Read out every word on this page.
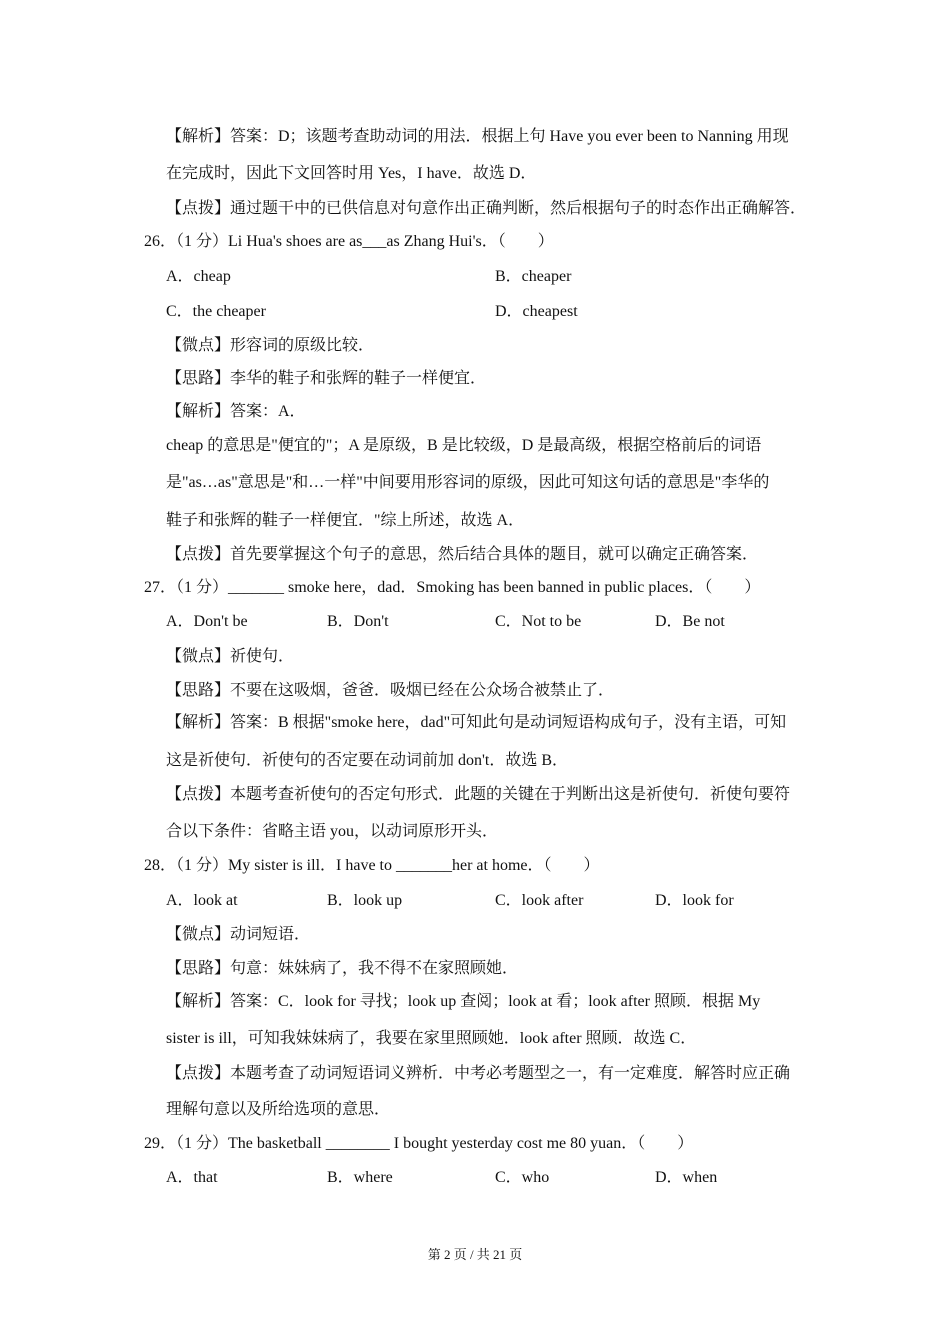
【解析】答案：D；该题考查助动词的用法．根据上句 Have you ever been to Nanning 用现
在完成时，因此下文回答时用 Yes，I have．故选 D．
【点拨】通过题干中的已供信息对句意作出正确判断，然后根据句子的时态作出正确解答．
26．（1 分）Li Hua's shoes are as___as Zhang Hui's．（　　）
A．cheap	B．cheaper
C．the cheaper	D．cheapest
【微点】形容词的原级比较．
【思路】李华的鞋子和张辉的鞋子一样便宜．
【解析】答案：A．
cheap 的意思是"便宜的"；A 是原级，B 是比较级，D 是最高级，根据空格前后的词语
是"as…as"意思是"和…一样"中间要用形容词的原级，因此可知这句话的意思是"李华的
鞋子和张辉的鞋子一样便宜．"综上所述，故选 A．
【点拨】首先要掌握这个句子的意思，然后结合具体的题目，就可以确定正确答案．
27．（1 分）_______ smoke here，dad．Smoking has been banned in public places．（　　）
A．Don't be	B．Don't	C．Not to be	D．Be not
【微点】祈使句．
【思路】不要在这吸烟，爸爸．吸烟已经在公众场合被禁止了．
【解析】答案：B 根据"smoke here，dad"可知此句是动词短语构成句子，没有主语，可知
这是祈使句．祈使句的否定要在动词前加 don't．故选 B．
【点拨】本题考查祈使句的否定句形式．此题的关键在于判断出这是祈使句．祈使句要符
合以下条件：省略主语 you，以动词原形开头．
28．（1 分）My sister is ill．I have to _______her at home．（　　）
A．look at	B．look up	C．look after	D．look for
【微点】动词短语．
【思路】句意：妹妹病了，我不得不在家照顾她．
【解析】答案：C．look for 寻找；look up 查阅；look at 看；look after 照顾．根据 My
sister is ill，可知我妹妹病了，我要在家里照顾她．look after 照顾．故选 C．
【点拨】本题考查了动词短语词义辨析．中考必考题型之一，有一定难度．解答时应正确
理解句意以及所给选项的意思．
29．（1 分）The basketball ________ I bought yesterday cost me 80 yuan．（　　）
A．that	B．where	C．who	D．when
第 2 页 / 共 21 页
